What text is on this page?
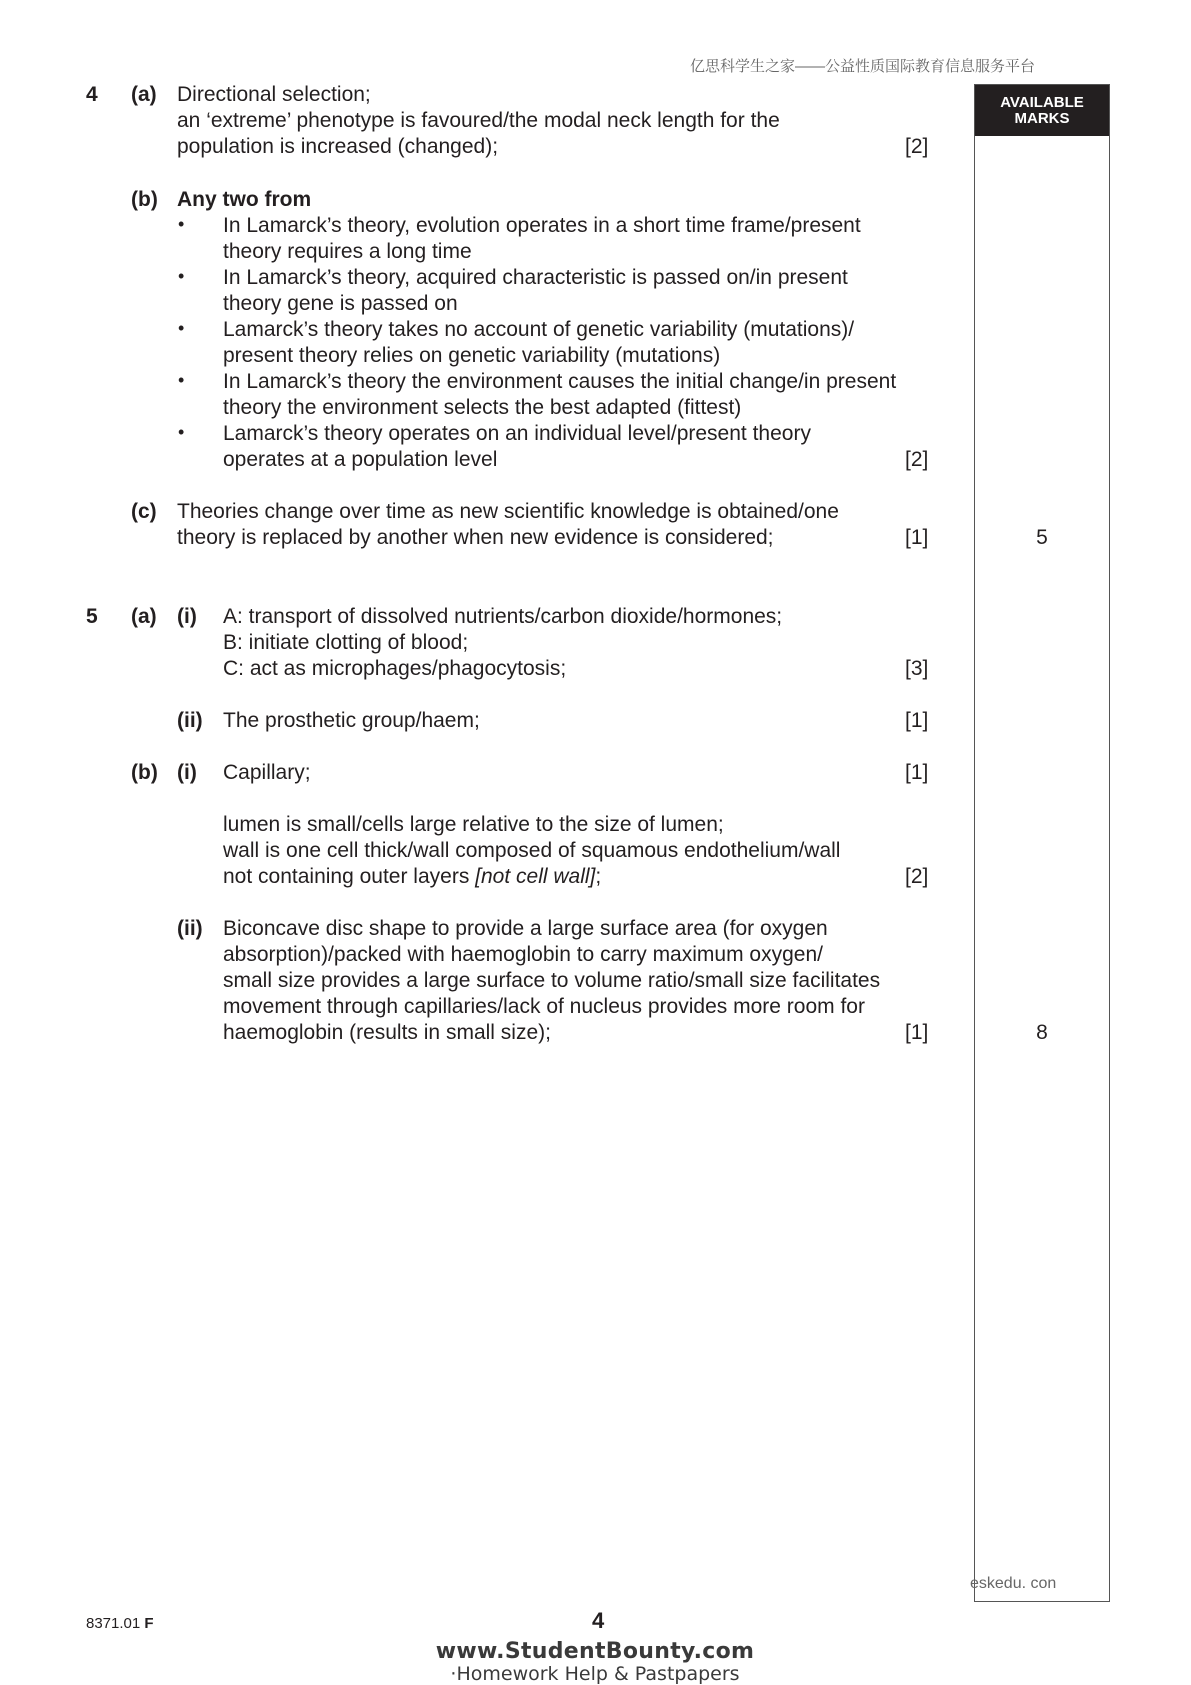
亿思科学生之家——公益性质国际教育信息服务平台
AVAILABLE
MARKS
4 (a) Directional selection;
an ‘extreme’ phenotype is favoured/the modal neck length for the
population is increased (changed);	[2]
(b) Any two from
• In Lamarck’s theory, evolution operates in a short time frame/present
theory requires a long time
• In Lamarck’s theory, acquired characteristic is passed on/in present
theory gene is passed on
• Lamarck’s theory takes no account of genetic variability (mutations)/
present theory relies on genetic variability (mutations)
• In Lamarck’s theory the environment causes the initial change/in present
theory the environment selects the best adapted (fittest)
• Lamarck’s theory operates on an individual level/present theory
operates at a population level	[2]
(c) Theories change over time as new scientific knowledge is obtained/one
theory is replaced by another when new evidence is considered;	[1]	5
5 (a) (i) A: transport of dissolved nutrients/carbon dioxide/hormones;
B: initiate clotting of blood;
C: act as microphages/phagocytosis;	[3]
(ii) The prosthetic group/haem;	[1]
(b) (i) Capillary;	[1]
lumen is small/cells large relative to the size of lumen;
wall is one cell thick/wall composed of squamous endothelium/wall
not containing outer layers [not cell wall];	[2]
(ii) Biconcave disc shape to provide a large surface area (for oxygen
absorption)/packed with haemoglobin to carry maximum oxygen/
small size provides a large surface to volume ratio/small size facilitates
movement through capillaries/lack of nucleus provides more room for
haemoglobin (results in small size);	[1]	8
eskedu. con
8371.01 F	4
www.StudentBounty.com
·Homework Help & Pastpapers
